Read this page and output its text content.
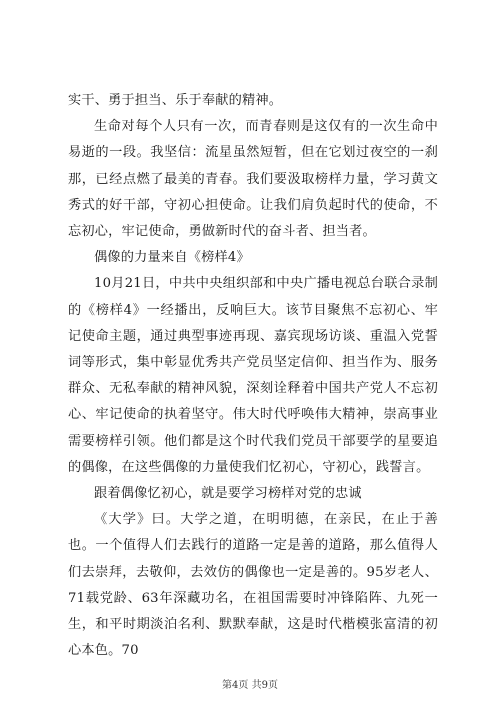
实干、勇于担当、乐于奉献的精神。

生命对每个人只有一次，而青春则是这仅有的一次生命中易逝的一段。我坚信：流星虽然短暂，但在它划过夜空的一刹那，已经点燃了最美的青春。我们要汲取榜样力量，学习黄文秀式的好干部，守初心担使命。让我们肩负起时代的使命，不忘初心，牢记使命，勇做新时代的奋斗者、担当者。

偶像的力量来自《榜样4》

10月21日，中共中央组织部和中央广播电视总台联合录制的《榜样4》一经播出，反响巨大。该节目聚焦不忘初心、牢记使命主题，通过典型事迹再现、嘉宾现场访谈、重温入党誓词等形式，集中彰显优秀共产党员坚定信仰、担当作为、服务群众、无私奉献的精神风貌，深刻诠释着中国共产党人不忘初心、牢记使命的执着坚守。伟大时代呼唤伟大精神，崇高事业需要榜样引领。他们都是这个时代我们党员干部要学的星要追的偶像，在这些偶像的力量使我们忆初心，守初心，践誓言。

跟着偶像忆初心，就是要学习榜样对党的忠诚

《大学》曰。大学之道，在明明德，在亲民，在止于善也。一个值得人们去践行的道路一定是善的道路，那么值得人们去崇拜，去敬仰，去效仿的偶像也一定是善的。95岁老人、71载党龄、63年深藏功名，在祖国需要时冲锋陷阵、九死一生，和平时期淡泊名利、默默奉献，这是时代楷模张富清的初心本色。70

第4页 共9页
